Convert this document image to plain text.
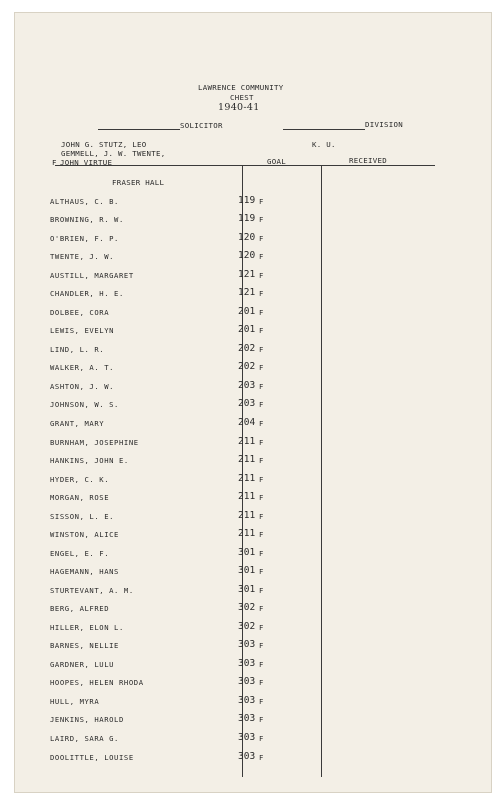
LAWRENCE COMMUNITY
CHEST
1940-41
SOLICITOR	DIVISION
JOHN G. STUTZ, LEO
GEMMELL, J. W. TWENTE,
F JOHN VIRTUE
K. U.
GOAL	RECEIVED
FRASER HALL
ALTHAUS, C. B.	119 F
BROWNING, R. W.	119 F
O'BRIEN, F. P.	120 F
TWENTE, J. W.	120 F
AUSTILL, MARGARET	121 F
CHANDLER, H. E.	121 F
DOLBEE, CORA	201 F
LEWIS, EVELYN	201 F
LIND, L. R.	202 F
WALKER, A. T.	202 F
ASHTON, J. W.	203 F
JOHNSON, W. S.	203 F
GRANT, MARY	204 F
BURNHAM, JOSEPHINE	211 F
HANKINS, JOHN E.	211 F
HYDER, C. K.	211 F
MORGAN, ROSE	211 F
SISSON, L. E.	211 F
WINSTON, ALICE	211 F
ENGEL, E. F.	301 F
HAGEMANN, HANS	301 F
STURTEVANT, A. M.	301 F
BERG, ALFRED	302 F
HILLER, ELON L.	302 F
BARNES, NELLIE	303 F
GARDNER, LULU	303 F
HOOPES, HELEN RHODA	303 F
HULL, MYRA	303 F
JENKINS, HAROLD	303 F
LAIRD, SARA G.	303 F
DOOLITTLE, LOUISE	303 F
